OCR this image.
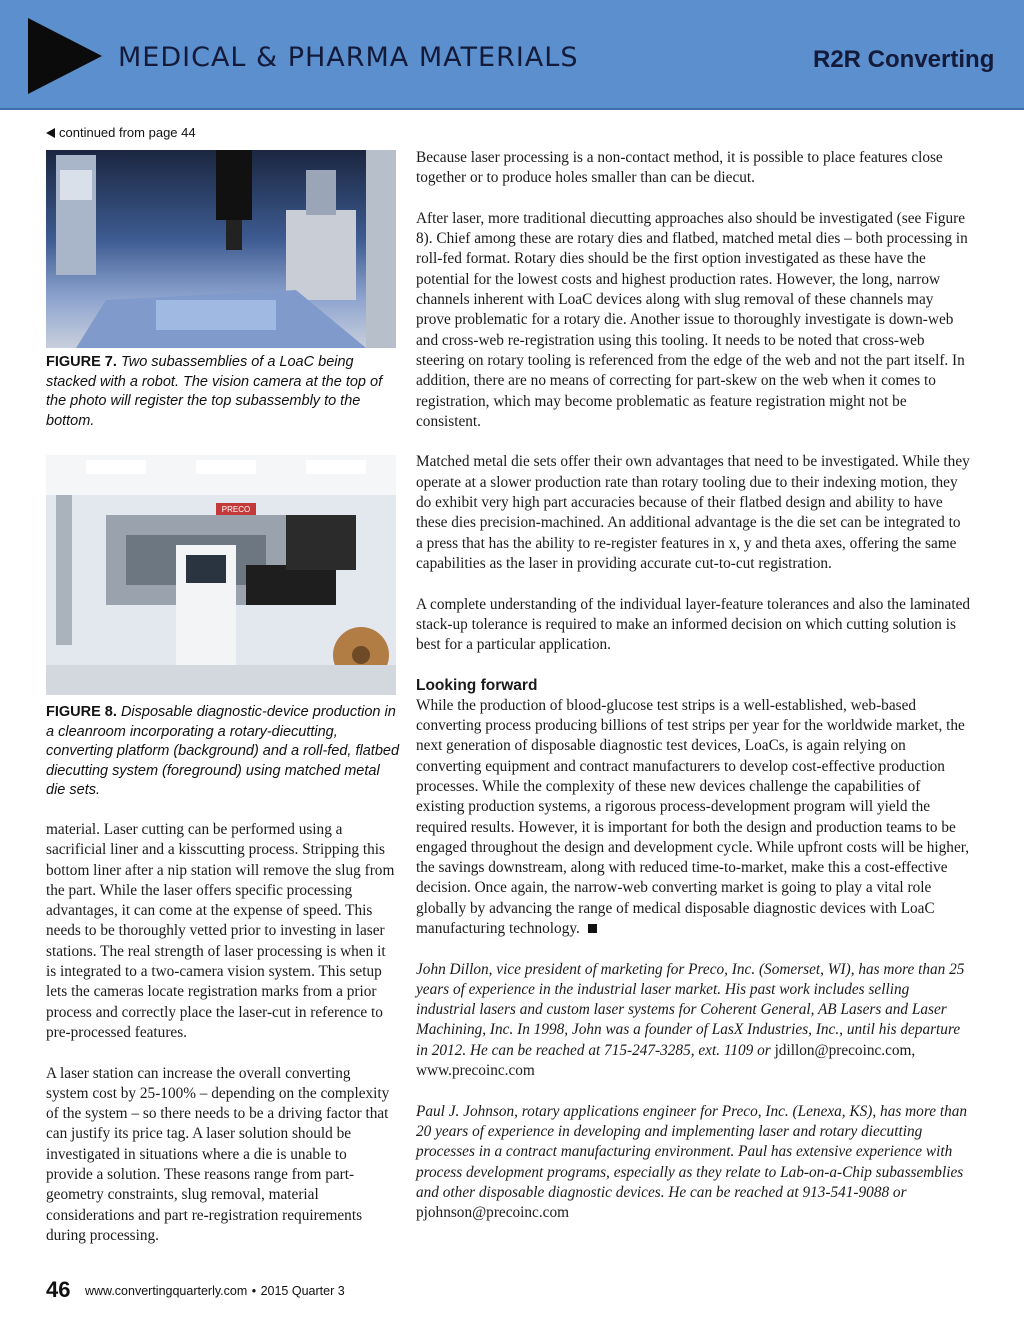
MEDICAL & PHARMA MATERIALS	R2R Converting
continued from page 44
FIGURE 7. Two subassemblies of a LoaC being stacked with a robot. The vision camera at the top of the photo will register the top subassembly to the bottom.
PRECO
FIGURE 8. Disposable diagnostic-device production in a cleanroom incorporating a rotary-diecutting, converting platform (background) and a roll-fed, flatbed diecutting system (foreground) using matched metal die sets.

material. Laser cutting can be performed using a sacrificial liner and a kisscutting process. Stripping this bottom liner after a nip station will remove the slug from the part. While the laser offers specific processing advantages, it can come at the expense of speed. This needs to be thoroughly vetted prior to investing in laser stations. The real strength of laser processing is when it is integrated to a two-camera vision system. This setup lets the cameras locate registration marks from a prior process and correctly place the laser-cut in reference to pre-processed features.

A laser station can increase the overall converting system cost by 25-100% – depending on the complexity of the system – so there needs to be a driving factor that can justify its price tag. A laser solution should be investigated in situations where a die is unable to provide a solution. These reasons range from part-geometry constraints, slug removal, material considerations and part re-registration requirements during processing.

Because laser processing is a non-contact method, it is possible to place features close together or to produce holes smaller than can be diecut.

After laser, more traditional diecutting approaches also should be investigated (see Figure 8). Chief among these are rotary dies and flatbed, matched metal dies – both processing in roll-fed format. Rotary dies should be the first option investigated as these have the potential for the lowest costs and highest production rates. However, the long, narrow channels inherent with LoaC devices along with slug removal of these channels may prove problematic for a rotary die. Another issue to thoroughly investigate is down-web and cross-web re-registration using this tooling. It needs to be noted that cross-web steering on rotary tooling is referenced from the edge of the web and not the part itself. In addition, there are no means of correcting for part-skew on the web when it comes to registration, which may become problematic as feature registration might not be consistent.

Matched metal die sets offer their own advantages that need to be investigated. While they operate at a slower production rate than rotary tooling due to their indexing motion, they do exhibit very high part accuracies because of their flatbed design and ability to have these dies precision-machined. An additional advantage is the die set can be integrated to a press that has the ability to re-register features in x, y and theta axes, offering the same capabilities as the laser in providing accurate cut-to-cut registration.

A complete understanding of the individual layer-feature tolerances and also the laminated stack-up tolerance is required to make an informed decision on which cutting solution is best for a particular application.

Looking forward

While the production of blood-glucose test strips is a well-established, web-based converting process producing billions of test strips per year for the worldwide market, the next generation of disposable diagnostic test devices, LoaCs, is again relying on converting equipment and contract manufacturers to develop cost-effective production processes. While the complexity of these new devices challenge the capabilities of existing production systems, a rigorous process-development program will yield the required results. However, it is important for both the design and production teams to be engaged throughout the design and development cycle. While upfront costs will be higher, the savings downstream, along with reduced time-to-market, make this a cost-effective decision. Once again, the narrow-web converting market is going to play a vital role globally by advancing the range of medical disposable diagnostic devices with LoaC manufacturing technology.

John Dillon, vice president of marketing for Preco, Inc. (Somerset, WI), has more than 25 years of experience in the industrial laser market. His past work includes selling industrial lasers and custom laser systems for Coherent General, AB Lasers and Laser Machining, Inc. In 1998, John was a founder of LasX Industries, Inc., until his departure in 2012. He can be reached at 715-247-3285, ext. 1109 or jdillon@precoinc.com, www.precoinc.com

Paul J. Johnson, rotary applications engineer for Preco, Inc. (Lenexa, KS), has more than 20 years of experience in developing and implementing laser and rotary diecutting processes in a contract manufacturing environment. Paul has extensive experience with process development programs, especially as they relate to Lab-on-a-Chip subassemblies and other disposable diagnostic devices. He can be reached at 913-541-9088 or pjohnson@precoinc.com

46 www.convertingquarterly.com • 2015 Quarter 3
